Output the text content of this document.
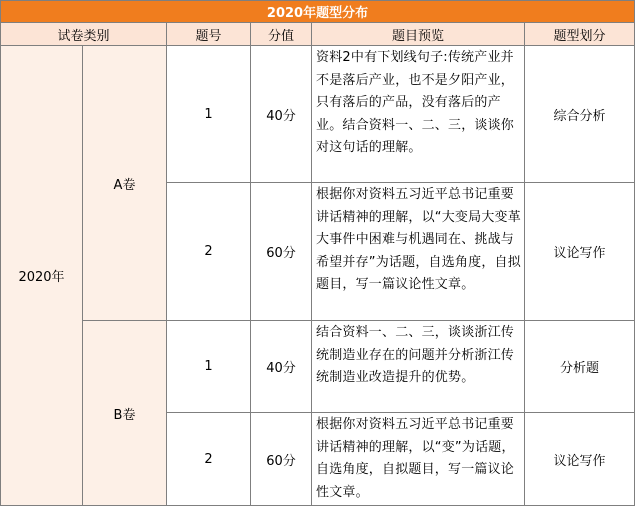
2020年题型分布					
试卷类别		题号	分值	题目预览	题型划分
2020年	A卷	1	40分	资料2中有下划线句子:传统产业并不是落后产业，也不是夕阳产业，只有落后的产品，没有落后的产业。结合资料一、二、三，谈谈你对这句话的理解。	综合分析
		2	60分	根据你对资料五习近平总书记重要讲话精神的理解，以“大变局大变革大事件中困难与机遇同在、挑战与希望并存”为话题，自选角度，自拟题目，写一篇议论性文章。	议论写作
	B卷	1	40分	结合资料一、二、三，谈谈浙江传统制造业存在的问题并分析浙江传统制造业改造提升的优势。	分析题
		2	60分	根据你对资料五习近平总书记重要讲话精神的理解，以“变”为话题，自选角度，自拟题目，写一篇议论性文章。	议论写作
